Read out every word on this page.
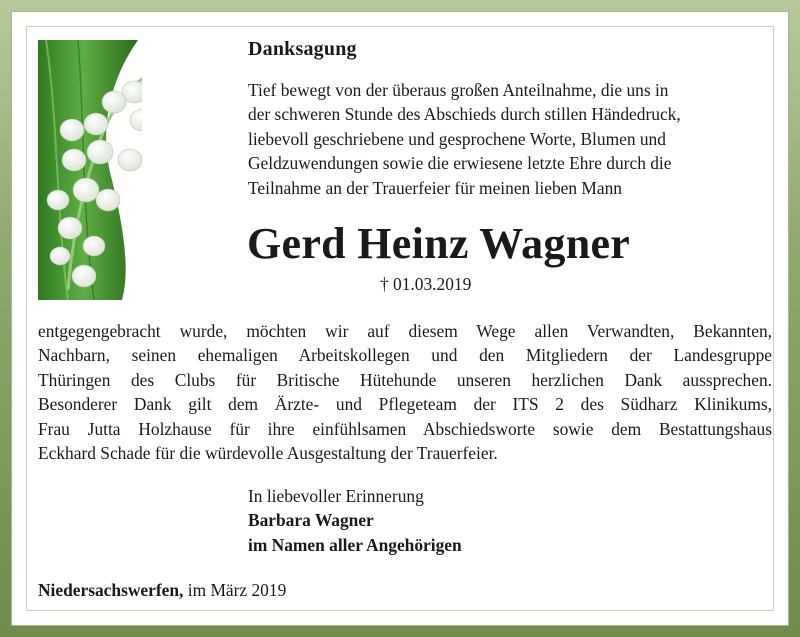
Danksagung
Tief bewegt von der überaus großen Anteilnahme, die uns in
der schweren Stunde des Abschieds durch stillen Händedruck,
liebevoll geschriebene und gesprochene Worte, Blumen und
Geldzuwendungen sowie die erwiesene letzte Ehre durch die
Teilnahme an der Trauerfeier für meinen lieben Mann
Gerd Heinz Wagner
† 01.03.2019
entgegengebracht wurde, möchten wir auf diesem Wege allen Verwandten, Bekannten,
Nachbarn, seinen ehemaligen Arbeitskollegen und den Mitgliedern der Landesgruppe
Thüringen des Clubs für Britische Hütehunde unseren herzlichen Dank aussprechen.
Besonderer Dank gilt dem Ärzte- und Pflegeteam der ITS 2 des Südharz Klinikums,
Frau Jutta Holzhause für ihre einfühlsamen Abschiedsworte sowie dem Bestattungshaus
Eckhard Schade für die würdevolle Ausgestaltung der Trauerfeier.
In liebevoller Erinnerung
Barbara Wagner
im Namen aller Angehörigen
Niedersachswerfen, im März 2019
